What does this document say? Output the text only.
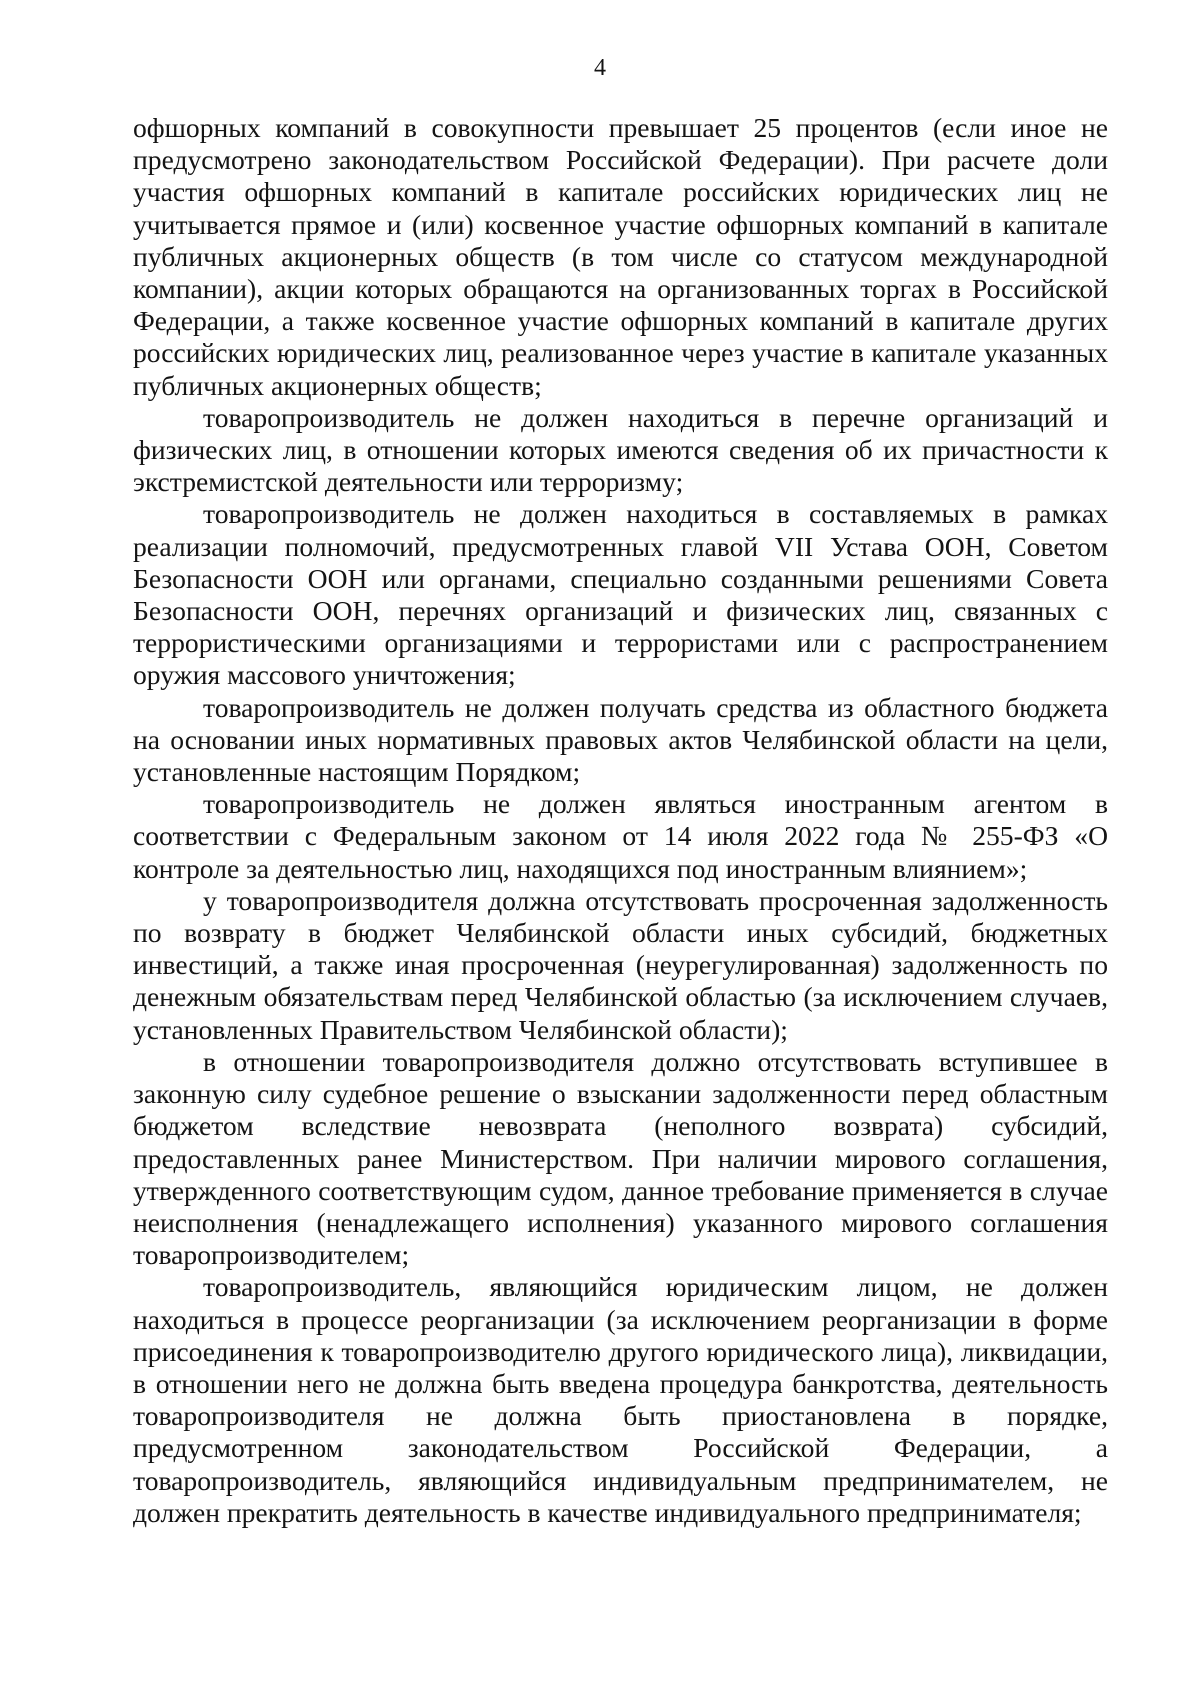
4

офшорных компаний в совокупности превышает 25 процентов (если иное не предусмотрено законодательством Российской Федерации). При расчете доли участия офшорных компаний в капитале российских юридических лиц не учитывается прямое и (или) косвенное участие офшорных компаний в капитале публичных акционерных обществ (в том числе со статусом международной компании), акции которых обращаются на организованных торгах в Российской Федерации, а также косвенное участие офшорных компаний в капитале других российских юридических лиц, реализованное через участие в капитале указанных публичных акционерных обществ;

товаропроизводитель не должен находиться в перечне организаций и физических лиц, в отношении которых имеются сведения об их причастности к экстремистской деятельности или терроризму;

товаропроизводитель не должен находиться в составляемых в рамках реализации полномочий, предусмотренных главой VII Устава ООН, Советом Безопасности ООН или органами, специально созданными решениями Совета Безопасности ООН, перечнях организаций и физических лиц, связанных с террористическими организациями и террористами или с распространением оружия массового уничтожения;

товаропроизводитель не должен получать средства из областного бюджета на основании иных нормативных правовых актов Челябинской области на цели, установленные настоящим Порядком;

товаропроизводитель не должен являться иностранным агентом в соответствии с Федеральным законом от 14 июля 2022 года № 255-ФЗ «О контроле за деятельностью лиц, находящихся под иностранным влиянием»;

у товаропроизводителя должна отсутствовать просроченная задолженность по возврату в бюджет Челябинской области иных субсидий, бюджетных инвестиций, а также иная просроченная (неурегулированная) задолженность по денежным обязательствам перед Челябинской областью (за исключением случаев, установленных Правительством Челябинской области);

в отношении товаропроизводителя должно отсутствовать вступившее в законную силу судебное решение о взыскании задолженности перед областным бюджетом вследствие невозврата (неполного возврата) субсидий, предоставленных ранее Министерством. При наличии мирового соглашения, утвержденного соответствующим судом, данное требование применяется в случае неисполнения (ненадлежащего исполнения) указанного мирового соглашения товаропроизводителем;

товаропроизводитель, являющийся юридическим лицом, не должен находиться в процессе реорганизации (за исключением реорганизации в форме присоединения к товаропроизводителю другого юридического лица), ликвидации, в отношении него не должна быть введена процедура банкротства, деятельность товаропроизводителя не должна быть приостановлена в порядке, предусмотренном законодательством Российской Федерации, а товаропроизводитель, являющийся индивидуальным предпринимателем, не должен прекратить деятельность в качестве индивидуального предпринимателя;
